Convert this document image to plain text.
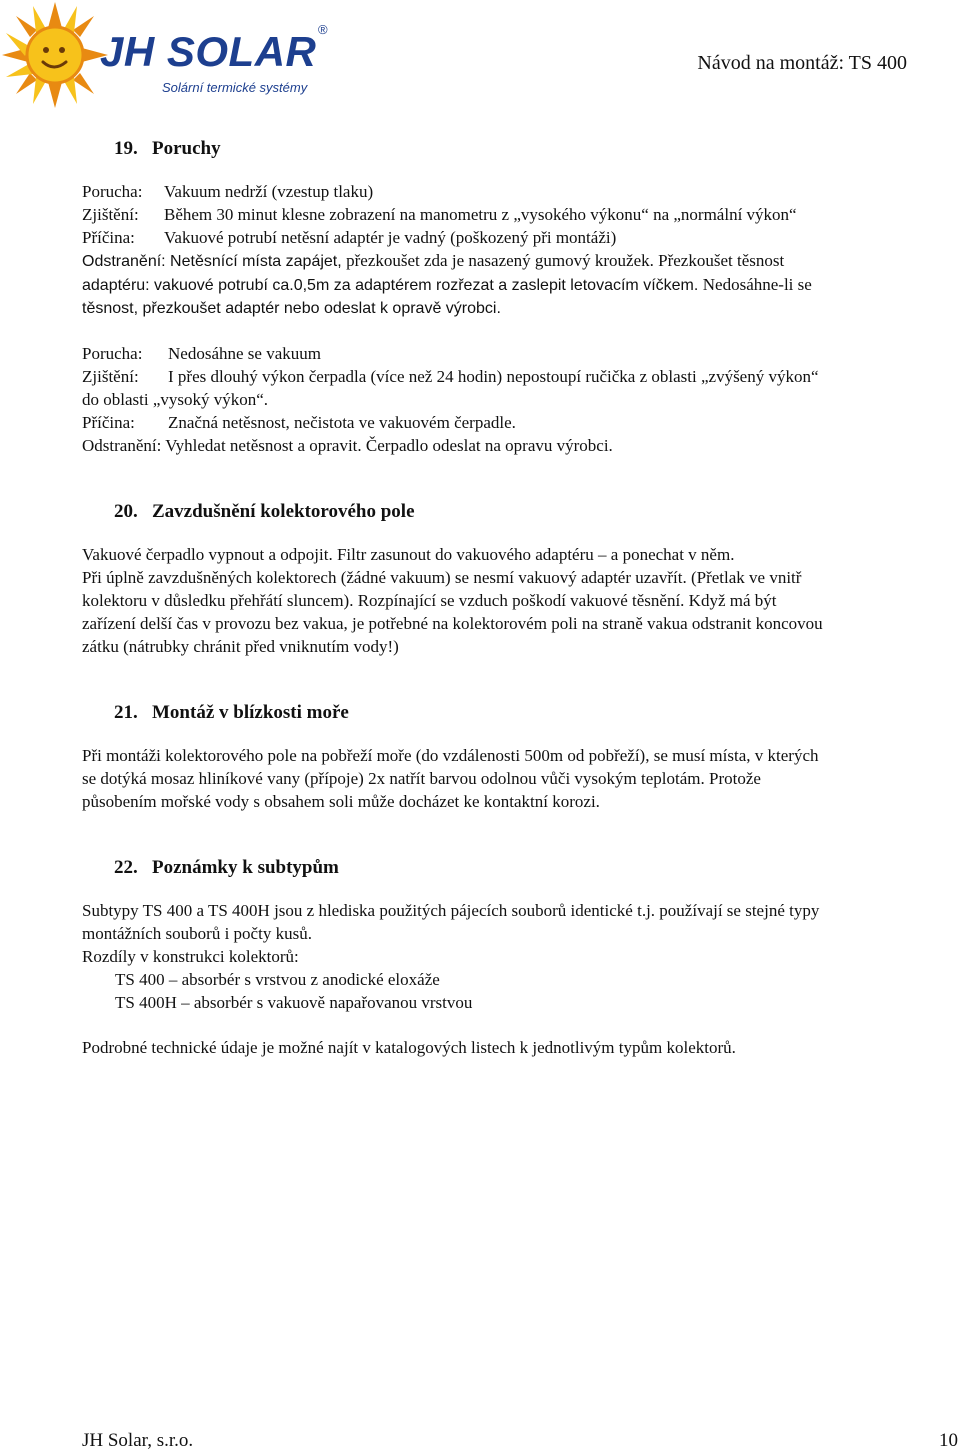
JH SOLAR ®
Solární termické systémy
Návod na montáž: TS 400
19. Poruchy

Porucha: Vakuum nedrží (vzestup tlaku)

Zjištění: Během 30 minut klesne zobrazení na manometru z „vysokého výkonu“ na „normální výkon“

Příčina: Vakuové potrubí netěsní adaptér je vadný (poškozený při montáži)

Odstranění: Netěsnící místa zapájet, přezkoušet zda je nasazený gumový kroužek. Přezkoušet těsnost

adaptéru: vakuové potrubí ca.0,5m za adaptérem rozřezat a zaslepit letovacím víčkem. Nedosáhne-li se

těsnost, přezkoušet adaptér nebo odeslat k opravě výrobci.

Porucha: Nedosáhne se vakuum

Zjištění: I přes dlouhý výkon čerpadla (více než 24 hodin) nepostoupí ručička z oblasti „zvýšený výkon“

do oblasti „vysoký výkon“.

Příčina: Značná netěsnost, nečistota ve vakuovém čerpadle.

Odstranění: Vyhledat netěsnost a opravit. Čerpadlo odeslat na opravu výrobci.

20. Zavzdušnění kolektorového pole

Vakuové čerpadlo vypnout a odpojit. Filtr zasunout do vakuového adaptéru – a ponechat v něm.

Při úplně zavzdušněných kolektorech (žádné vakuum) se nesmí vakuový adaptér uzavřít. (Přetlak ve vnitř

kolektoru v důsledku přehřátí sluncem). Rozpínající se vzduch poškodí vakuové těsnění. Když má být

zařízení delší čas v provozu bez vakua, je potřebné na kolektorovém poli na straně vakua odstranit koncovou

zátku (nátrubky chránit před vniknutím vody!)

21. Montáž v blízkosti moře

Při montáži kolektorového pole na pobřeží moře (do vzdálenosti 500m od pobřeží), se musí místa, v kterých

se dotýká mosaz hliníkové vany (přípoje) 2x natřít barvou odolnou vůči vysokým teplotám. Protože

působením mořské vody s obsahem soli může docházet ke kontaktní korozi.

22. Poznámky k subtypům

Subtypy TS 400 a TS 400H jsou z hlediska použitých pájecích souborů identické t.j. používají se stejné typy

montážních souborů i počty kusů.

Rozdíly v konstrukci kolektorů:

TS 400 – absorbér s vrstvou z anodické eloxáže

TS 400H – absorbér s vakuově napařovanou vrstvou

Podrobné technické údaje je možné najít v katalogových listech k jednotlivým typům kolektorů.

JH Solar, s.r.o.	10
